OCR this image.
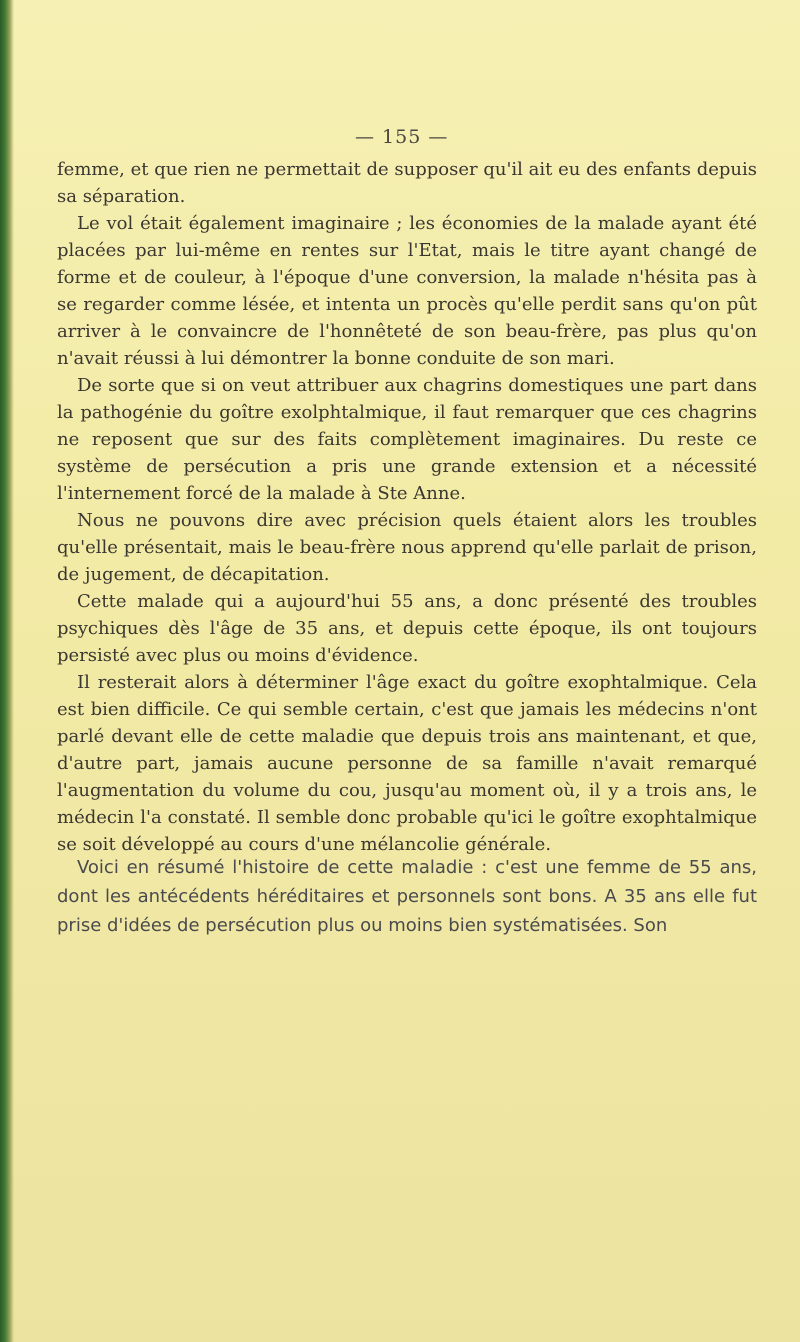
— 155 —

femme, et que rien ne permettait de supposer qu'il ait eu des enfants depuis sa séparation.

Le vol était également imaginaire ; les économies de la malade ayant été placées par lui-même en rentes sur l'Etat, mais le titre ayant changé de forme et de couleur, à l'époque d'une conversion, la malade n'hésita pas à se regarder comme lésée, et intenta un procès qu'elle perdit sans qu'on pût arriver à le convaincre de l'honnêteté de son beau-frère, pas plus qu'on n'avait réussi à lui démontrer la bonne conduite de son mari.

De sorte que si on veut attribuer aux chagrins domestiques une part dans la pathogénie du goître exolphtalmique, il faut remarquer que ces chagrins ne reposent que sur des faits complètement imaginaires. Du reste ce système de persécution a pris une grande extension et a nécessité l'internement forcé de la malade à Ste Anne.

Nous ne pouvons dire avec précision quels étaient alors les troubles qu'elle présentait, mais le beau-frère nous apprend qu'elle parlait de prison, de jugement, de décapitation.

Cette malade qui a aujourd'hui 55 ans, a donc présenté des troubles psychiques dès l'âge de 35 ans, et depuis cette époque, ils ont toujours persisté avec plus ou moins d'évidence.

Il resterait alors à déterminer l'âge exact du goître exophtalmique. Cela est bien difficile. Ce qui semble certain, c'est que jamais les médecins n'ont parlé devant elle de cette maladie que depuis trois ans maintenant, et que, d'autre part, jamais aucune personne de sa famille n'avait remarqué l'augmentation du volume du cou, jusqu'au moment où, il y a trois ans, le médecin l'a constaté. Il semble donc probable qu'ici le goître exophtalmique se soit développé au cours d'une mélancolie générale.

Voici en résumé l'histoire de cette maladie : c'est une femme de 55 ans, dont les antécédents héréditaires et personnels sont bons. A 35 ans elle fut prise d'idées de persécution plus ou moins bien systématisées. Son
